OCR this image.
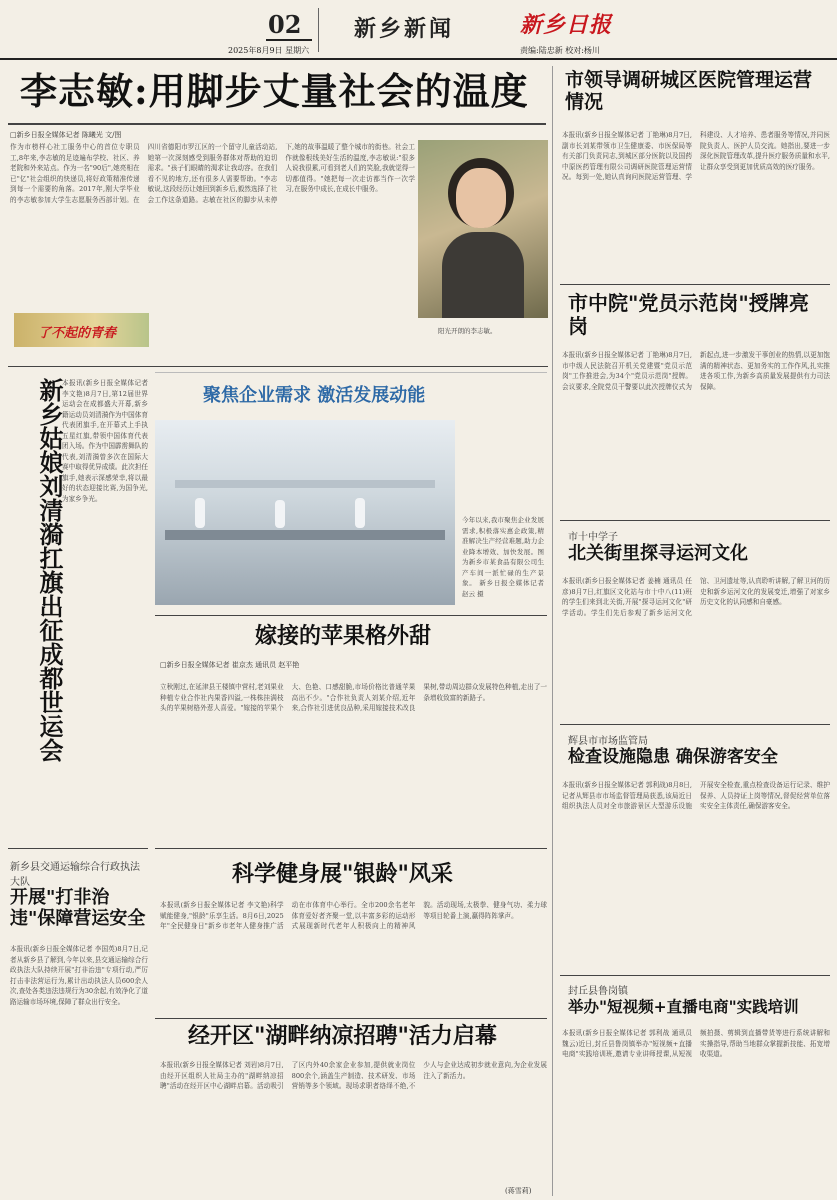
02
2025年8月9日 星期六
新乡新闻	新乡日报
责编:陆忠新 校对:杨川
李志敏:用脚步丈量社会的温度
□新乡日报全媒体记者 陈曦光 文/图
作为市榜样心社工服务中心的首位专职员工,8年来,李志敏的足迹遍布学校、社区、养老院和外来站点。作为一名"90后",她亮相在已"亿"社会组织的快递员,将好政策精准传递到每一个需要的角落。2017年,刚大学毕业的李志敏参加大学生志愿服务西部计划。在四川省德阳市罗江区的一个留守儿童活动站,她第一次深刻感受到服务群体对帮助的迫切需求。"孩子们眼睛的渴求让我动容。在我们看不见的地方,还有很多人需要帮助。"李志敏说,这段经历让她回到新乡后,毅然选择了社会工作这条道路。志敏在社区的脚步从未停下,她的故事温暖了整个城市的街巷。社会工作就像根线美好生活的温度,李志敏说:"很多人说我很累,可看到老人们的笑脸,我就觉得一切都值得。"她把每一次走访都当作一次学习,在服务中成长,在成长中服务。
阳光开朗的李志敏。
了不起的青春
新乡姑娘刘清漪扛旗出征成都世运会
本报讯(新乡日报全媒体记者 李文艳)8月7日,第12届世界运动会在成都盛大开幕,新乡籍运动员刘清漪作为中国体育代表团旗手,在开幕式上手执五星红旗,带领中国体育代表团入场。作为中国霹雳舞队的代表,刘清漪曾多次在国际大赛中取得优异成绩。此次担任旗手,她表示深感荣幸,将以最好的状态迎接比赛,为国争光,为家乡争光。
聚焦企业需求 激活发展动能
今年以来,我市聚焦企业发展需求,积极落实惠企政策,精准解决生产经营难题,助力企业降本增效、加快发展。图为新乡市某食品有限公司生产车间一派忙碌的生产景象。 新乡日报全媒体记者 赵云 摄
嫁接的苹果格外甜
□新乡日报全媒体记者 崔京杰 通讯员 赵平艳
立秋刚过,在延津县王楼镇中营村,老刘果业种植专业合作社内果香四溢,一株株挂满枝头的苹果树格外惹人喜爱。"嫁接的苹果个大、色艳、口感甜脆,市场价格比普通苹果高出不少。"合作社负责人刘某介绍,近年来,合作社引进优良品种,采用嫁接技术改良果树,带动周边群众发展特色种植,走出了一条增收致富的新路子。
新乡县交通运输综合行政执法大队
开展"打非治违"保障营运安全
本报讯(新乡日报全媒体记者 李国英)8月7日,记者从新乡县了解到,今年以来,县交通运输综合行政执法大队持续开展"打非治违"专项行动,严厉打击非法营运行为,累计出动执法人员600余人次,查处各类违法违规行为30余起,有效净化了道路运输市场环境,保障了群众出行安全。
科学健身展"银龄"风采
本报讯(新乡日报全媒体记者 李文艳)科学赋能健身,"银龄"乐享生活。8月6日,2025年"全民健身日"新乡市老年人健身推广活动在市体育中心举行。全市200余名老年体育爱好者齐聚一堂,以丰富多彩的运动形式展现新时代老年人积极向上的精神风貌。活动现场,太极拳、健身气功、柔力球等项目轮番上演,赢得阵阵掌声。
经开区"湖畔纳凉招聘"活力启幕
本报讯(新乡日报全媒体记者 刘岩)8月7日,由经开区组织人社局主办的"湖畔纳凉招聘"活动在经开区中心湖畔启幕。活动吸引了区内外40余家企业参加,提供就业岗位800余个,涵盖生产制造、技术研发、市场营销等多个领域。现场求职者络绎不绝,不少人与企业达成初步就业意向,为企业发展注入了新活力。
(蒋雪莉)
市领导调研城区医院管理运营情况
本报讯(新乡日报全媒体记者 丁艳琳)8月7日,副市长刘某带领市卫生健康委、市医保局等有关部门负责同志,到城区部分医院以及国药中原医药管理有限公司调研医院管理运营情况。每到一处,她认真询问医院运营管理、学科建设、人才培养、患者服务等情况,并同医院负责人、医护人员交流。她指出,要进一步深化医院管理改革,提升医疗服务质量和水平,让群众享受到更加优质高效的医疗服务。
市中院"党员示范岗"授牌亮岗
本报讯(新乡日报全媒体记者 丁艳琳)8月7日,市中级人民法院召开机关党建暨"党员示范岗"工作推进会,为34个"党员示范岗"授牌。会议要求,全院党员干警要以此次授牌仪式为新起点,进一步激发干事创业的热情,以更加饱满的精神状态、更加务实的工作作风,扎实推进各项工作,为新乡高质量发展提供有力司法保障。
市十中学子
北关街里探寻运河文化
本报讯(新乡日报全媒体记者 姜楠 通讯员 任彦)8月7日,红旗区文化站与市十中八(11)班的学生们来到北关街,开展"探寻运河文化"研学活动。学生们先后参观了新乡运河文化馆、卫河遗址等,认真聆听讲解,了解卫河的历史和新乡运河文化的发展变迁,增强了对家乡历史文化的认同感和自豪感。
辉县市市场监管局
检查设施隐患 确保游客安全
本报讯(新乡日报全媒体记者 郭利战)8月8日,记者从辉县市市场监督管理局获悉,该局近日组织执法人员对全市旅游景区大型游乐设施开展安全检查,重点检查设备运行记录、维护保养、人员持证上岗等情况,督促经营单位落实安全主体责任,确保游客安全。
封丘县鲁岗镇
举办"短视频+直播电商"实践培训
本报讯(新乡日报全媒体记者 郭利战 通讯员 魏云)近日,封丘县鲁岗镇举办"短视频+直播电商"实践培训班,邀请专业讲师授课,从短视频拍摄、剪辑到直播带货等进行系统讲解和实操指导,帮助当地群众掌握新技能、拓宽增收渠道。
